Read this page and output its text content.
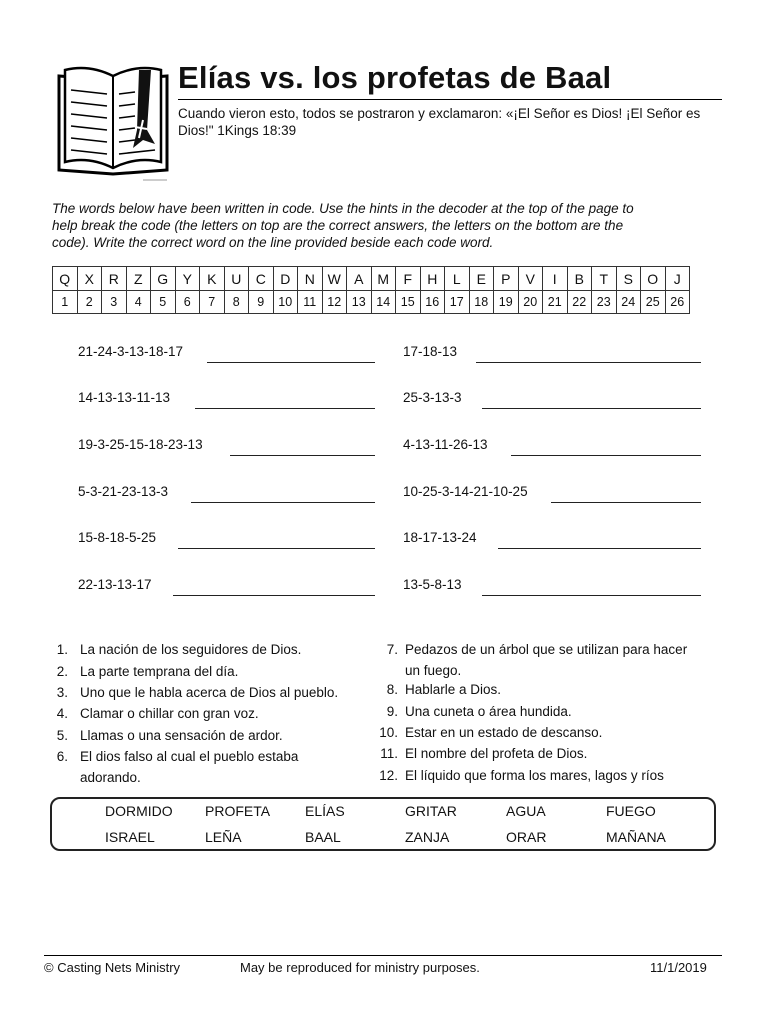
Elías vs. los profetas de Baal
Cuando vieron esto, todos se postraron y exclamaron: «¡El Señor es Dios! ¡El Señor es Dios!" 1Kings 18:39
The words below have been written in code. Use the hints in the decoder at the top of the page to help break the code (the letters on top are the correct answers, the letters on the bottom are the code). Write the correct word on the line provided beside each code word.
Q	X	R	Z	G	Y	K	U	C	D	N	W	A	M	F	H	L	E	P	V	I	B	T	S	O	J
1	2	3	4	5	6	7	8	9	10	11	12	13	14	15	16	17	18	19	20	21	22	23	24	25	26
21-24-3-13-18-17
14-13-13-11-13
19-3-25-15-18-23-13
5-3-21-23-13-3
15-8-18-5-25
22-13-13-17
17-18-13
25-3-13-3
4-13-11-26-13
10-25-3-14-21-10-25
18-17-13-24
13-5-8-13
1. La nación de los seguidores de Dios.
2. La parte temprana del día.
3. Uno que le habla acerca de Dios al pueblo.
4. Clamar o chillar con gran voz.
5. Llamas o una sensación de ardor.
6. El dios falso al cual el pueblo estaba adorando.
7. Pedazos de un árbol que se utilizan para hacer un fuego.
8. Hablarle a Dios.
9. Una cuneta o área hundida.
10. Estar en un estado de descanso.
11. El nombre del profeta de Dios.
12. El líquido que forma los mares, lagos y ríos
DORMIDO PROFETA ELÍAS	GRITAR	AGUA	FUEGO
ISRAEL	LEÑA	BAAL	ZANJA	ORAR	MAÑANA
© Casting Nets Ministry	May be reproduced for ministry purposes.	11/1/2019
